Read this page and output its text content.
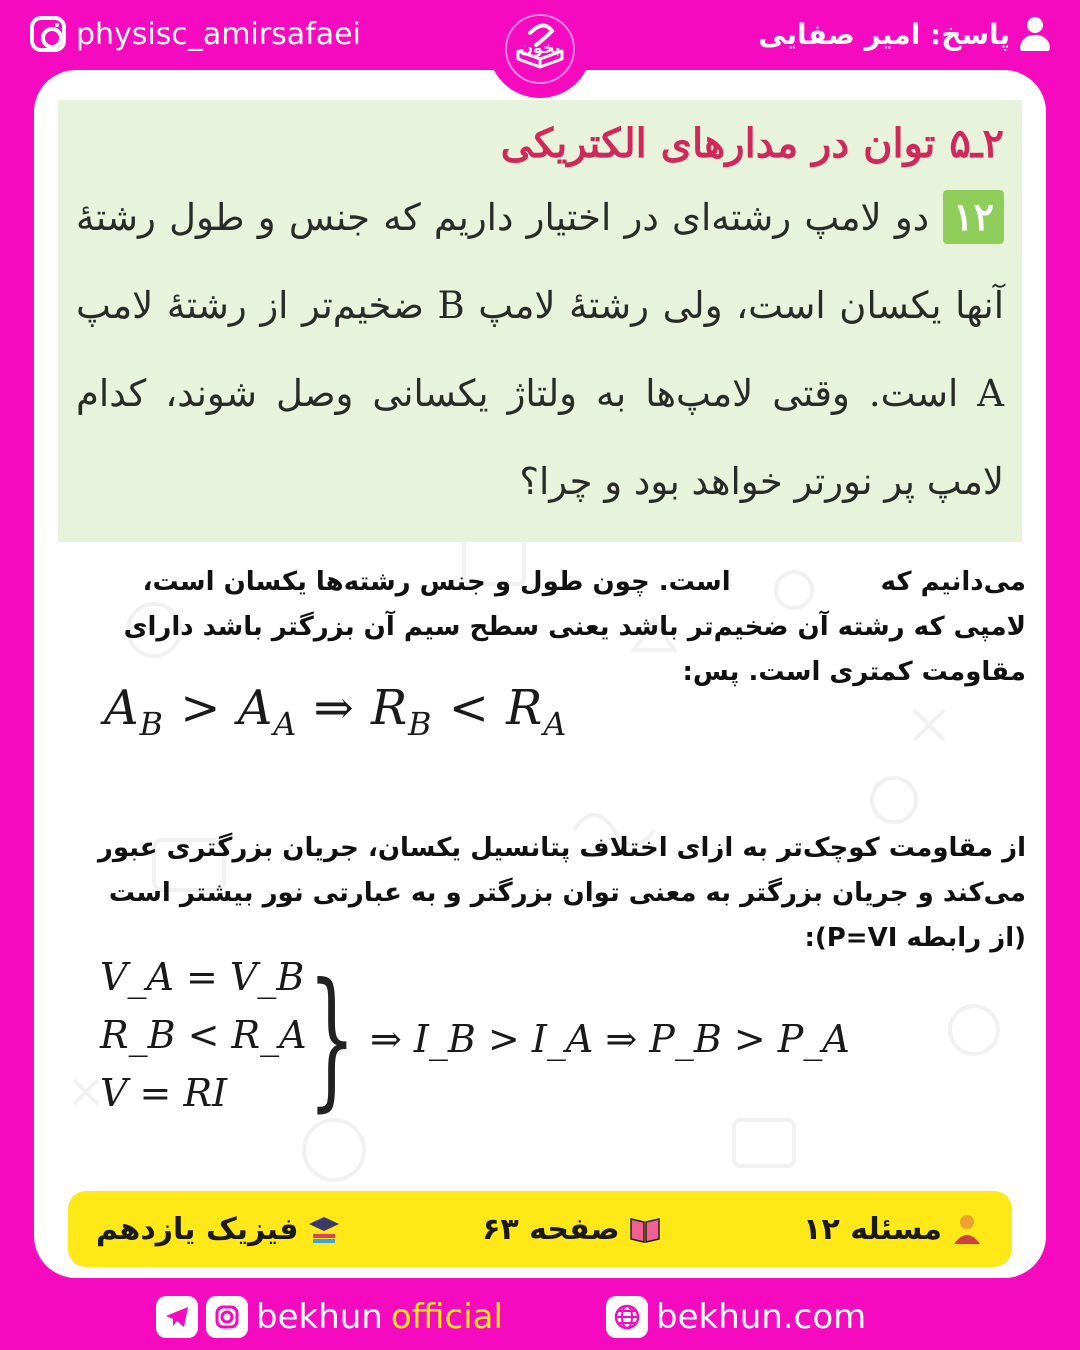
physisc_amirsafaei	پاسخ: امیر صفایی
بخون
۲ـ۵ توان در مدارهای الکتریکی
۱۲دو لامپ رشته‌ای در اختیار داریم که جنس و طول رشتهٔ آنها یکسان است، ولی رشتهٔ لامپ B ضخیم‌تر از رشتهٔ لامپ A است. وقتی لامپ‌ها به ولتاژ یکسانی وصل شوند، کدام لامپ پر نورتر خواهد بود و چرا؟
می‌دانیم کهاست. چون طول و جنس رشته‌ها یکسان است، لامپی که رشته آن ضخیم‌تر باشد یعنی سطح سیم آن بزرگتر باشد دارای مقاومت کمتری است. پس:
$A_B > A_A$ ⇒ $R_B < R_A$
از مقاومت کوچک‌تر به ازای اختلاف پتانسیل یکسان، جریان بزرگتری عبور می‌کند و جریان بزرگتر به معنی توان بزرگتر و به عبارتی نور بیشتر است (از رابطه P=VI):
V_A = V_B
R_B < R_A
V = RI } ⇒ I_B > I_A ⇒ P_B > P_A
مسئله ۱۲
صفحه ۶۳
فیزیک یازدهم
bekhun official	bekhun.com
